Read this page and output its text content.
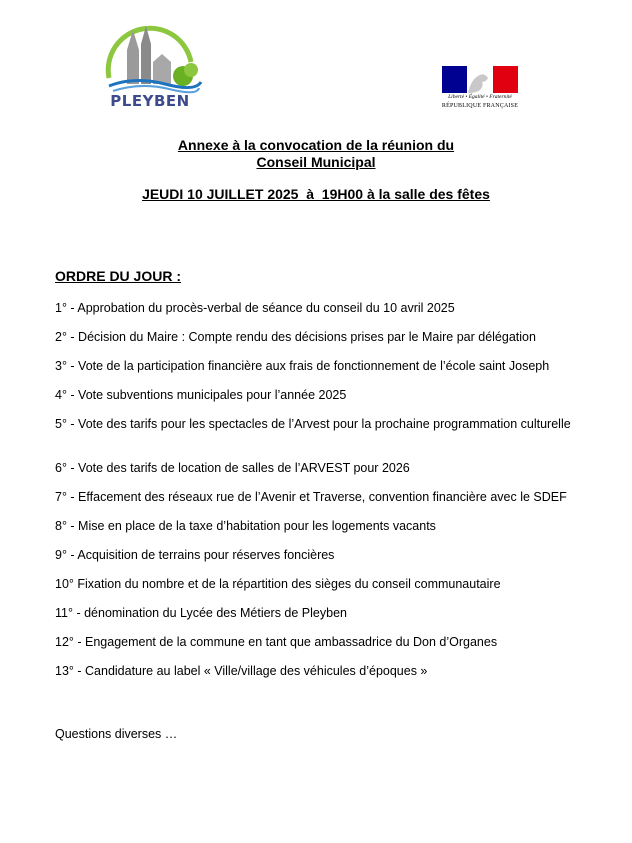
PLEYBEN	Liberté • Égalité • Fraternité
RÉPUBLIQUE FRANÇAISE
Annexe à la convocation de la réunion du
Conseil Municipal
JEUDI 10 JUILLET 2025  à  19H00 à la salle des fêtes
ORDRE DU JOUR :
1° - Approbation du procès-verbal de séance du conseil du 10 avril 2025
2° - Décision du Maire : Compte rendu des décisions prises par le Maire par délégation
3° - Vote de la participation financière aux frais de fonctionnement de l’école saint Joseph
4° - Vote subventions municipales pour l’année 2025
5° - Vote des tarifs pour les spectacles de l’Arvest pour la prochaine programmation culturelle
6° - Vote des tarifs de location de salles de l’ARVEST pour 2026
7° - Effacement des réseaux rue de l’Avenir et Traverse, convention financière avec le SDEF
8° - Mise en place de la taxe d’habitation pour les logements vacants
9° - Acquisition de terrains pour réserves foncières
10° Fixation du nombre et de la répartition des sièges du conseil communautaire
11° - dénomination du Lycée des Métiers de Pleyben
12° - Engagement de la commune en tant que ambassadrice du Don d’Organes
13° - Candidature au label « Ville/village des véhicules d’époques »
Questions diverses …
